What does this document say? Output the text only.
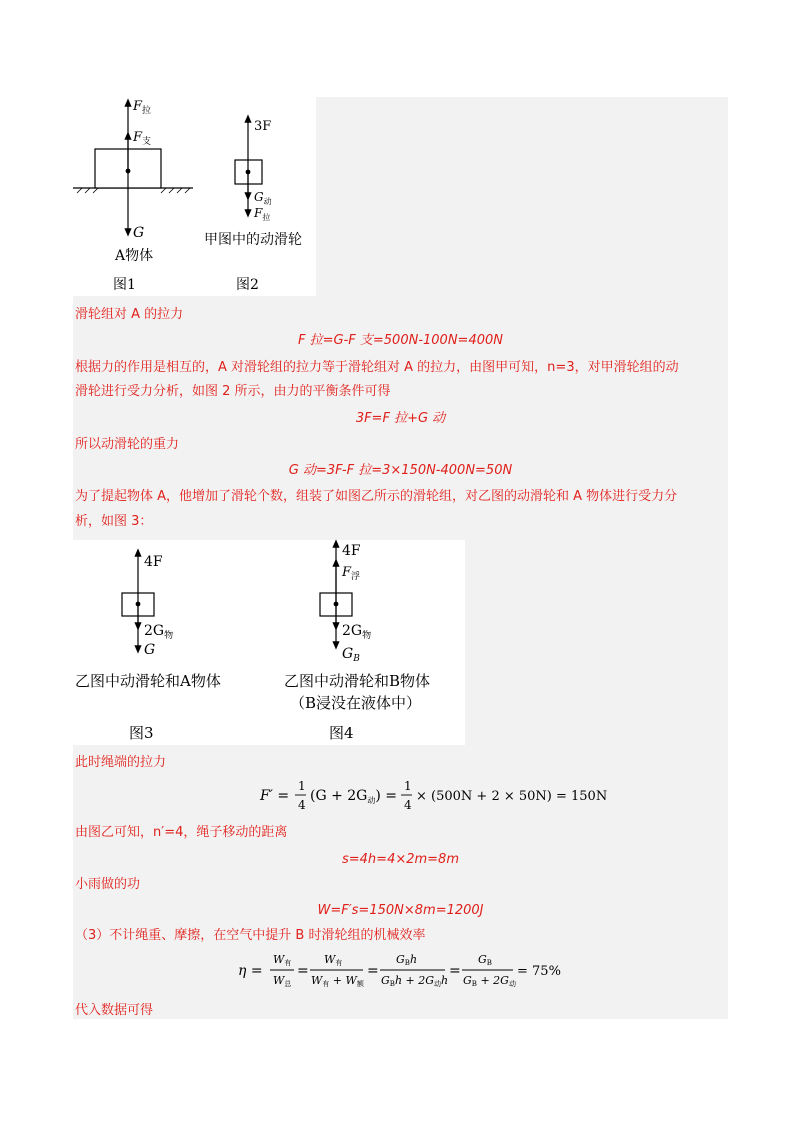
$F_拉$
$F_支$
G
A物体
图1
3F
$G_动$
$F_拉$
甲图中的动滑轮
图2
滑轮组对 A 的拉力
F 拉=G-F 支=500N-100N=400N
根据力的作用是相互的，A 对滑轮组的拉力等于滑轮组对 A 的拉力，由图甲可知，n=3，对甲滑轮组的动
滑轮进行受力分析，如图 2 所示，由力的平衡条件可得
3F=F 拉+G 动
所以动滑轮的重力
G 动=3F-F 拉=3×150N-400N=50N
为了提起物体 A，他增加了滑轮个数，组装了如图乙所示的滑轮组，对乙图的动滑轮和 A 物体进行受力分
析，如图 3：
4F
$2G_物$
G
乙图中动滑轮和A物体
图3
4F
$F_浮$
$2G_物$
$G_B$
乙图中动滑轮和B物体
（B浸没在液体中）
图4
此时绳端的拉力
F′ =
1
4
$(G + 2G_动)$ =
1
4
× (500N + 2 × 50N) = 150N
由图乙可知，n′=4，绳子移动的距离
s=4h=4×2m=8m
小雨做的功
W=F′s=150N×8m=1200J
（3）不计绳重、摩擦，在空气中提升 B 时滑轮组的机械效率
η =
W有
W总
=
W有
W有 + W额
=
GBh
GBh + 2G动h
=
GB
GB + 2G动
= 75%
代入数据可得
